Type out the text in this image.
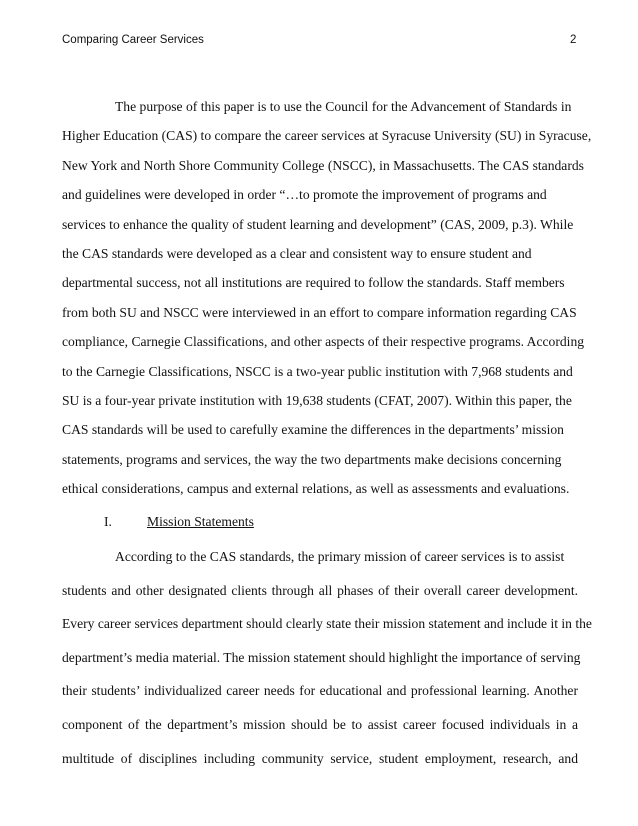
Comparing Career Services	2
The purpose of this paper is to use the Council for the Advancement of Standards in
Higher Education (CAS) to compare the career services at Syracuse University (SU) in Syracuse,
New York and North Shore Community College (NSCC), in Massachusetts. The CAS standards
and guidelines were developed in order “…to promote the improvement of programs and
services to enhance the quality of student learning and development” (CAS, 2009, p.3). While
the CAS standards were developed as a clear and consistent way to ensure student and
departmental success, not all institutions are required to follow the standards. Staff members
from both SU and NSCC were interviewed in an effort to compare information regarding CAS
compliance, Carnegie Classifications, and other aspects of their respective programs. According
to the Carnegie Classifications, NSCC is a two-year public institution with 7,968 students and
SU is a four-year private institution with 19,638 students (CFAT, 2007). Within this paper, the
CAS standards will be used to carefully examine the differences in the departments’ mission
statements, programs and services, the way the two departments make decisions concerning
ethical considerations, campus and external relations, as well as assessments and evaluations.
I.	Mission Statements
According to the CAS standards, the primary mission of career services is to assist
students and other designated clients through all phases of their overall career development.
Every career services department should clearly state their mission statement and include it in the
department’s media material. The mission statement should highlight the importance of serving
their students’ individualized career needs for educational and professional learning. Another
component of the department’s mission should be to assist career focused individuals in a
multitude of disciplines including community service, student employment, research, and
